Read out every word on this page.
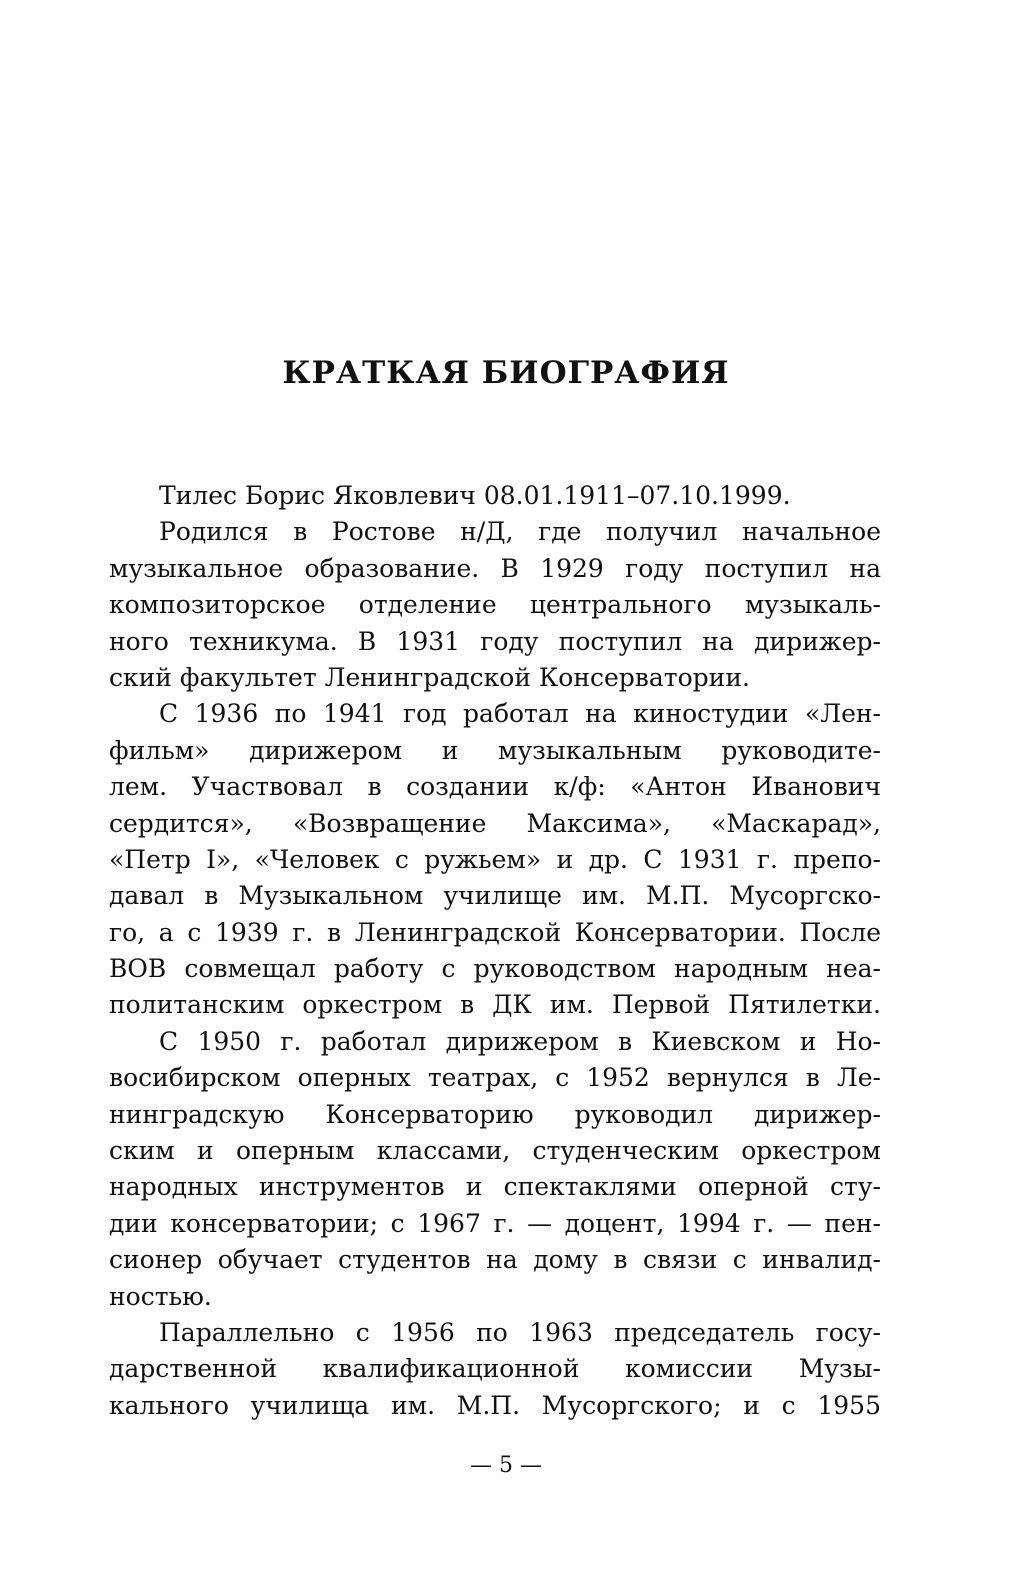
КРАТКАЯ БИОГРАФИЯ
Тилес Борис Яковлевич 08.01.1911–07.10.1999.
Родился в Ростове н/Д, где получил начальное
музыкальное образование. В 1929 году поступил на
композиторское отделение центрального музыкаль-
ного техникума. В 1931 году поступил на дирижер-
ский факультет Ленинградской Консерватории.
С 1936 по 1941 год работал на киностудии «Лен-
фильм» дирижером и музыкальным руководите-
лем. Участвовал в создании к/ф: «Антон Иванович
сердится», «Возвращение Максима», «Маскарад»,
«Петр I», «Человек с ружьем» и др. С 1931 г. препо-
давал в Музыкальном училище им. М.П. Мусоргско-
го, а с 1939 г. в Ленинградской Консерватории. После
ВОВ совмещал работу с руководством народным неа-
политанским оркестром в ДК им. Первой Пятилетки.
С 1950 г. работал дирижером в Киевском и Но-
восибирском оперных театрах, с 1952 вернулся в Ле-
нинградскую Консерваторию руководил дирижер-
ским и оперным классами, студенческим оркестром
народных инструментов и спектаклями оперной сту-
дии консерватории; с 1967 г. — доцент, 1994 г. — пен-
сионер обучает студентов на дому в связи с инвалид-
ностью.
Параллельно с 1956 по 1963 председатель госу-
дарственной квалификационной комиссии Музы-
кального училища им. М.П. Мусоргского; и с 1955
— 5 —
